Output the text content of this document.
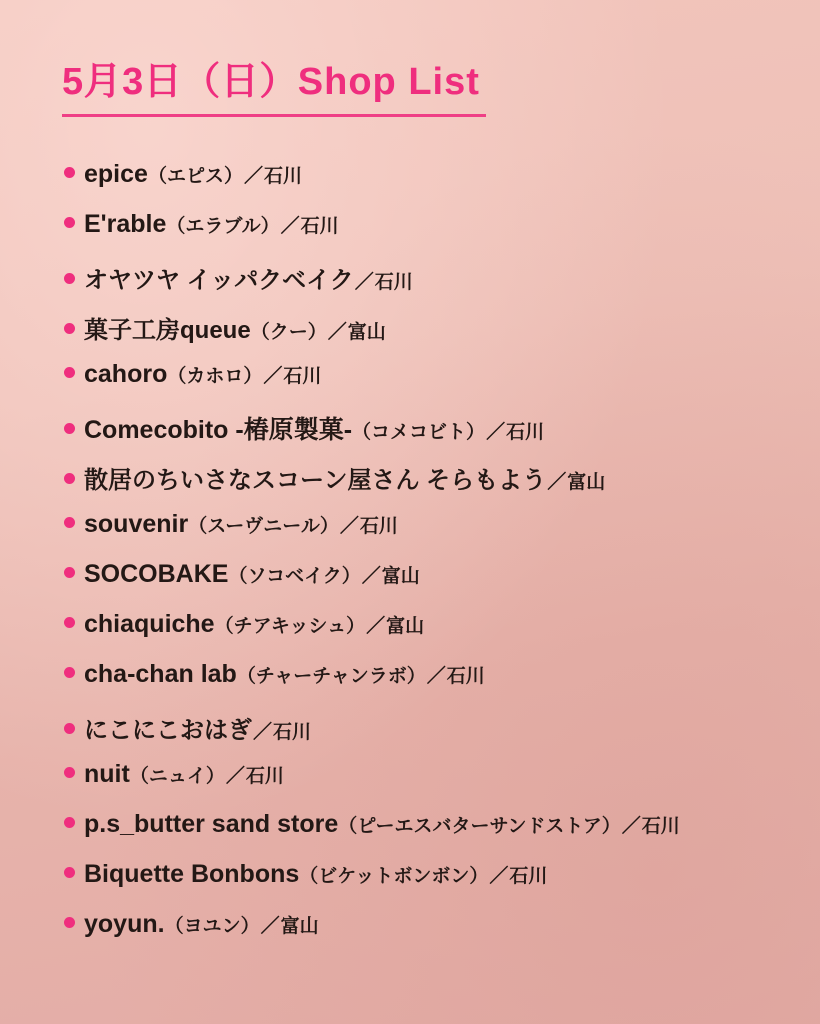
5月3日（日）Shop List
epice （エピス） ／ 石川
E'rable （エラブル） ／ 石川
オヤツヤ イッパクベイク ／ 石川
菓子工房queue （クー） ／ 富山
cahoro （カホロ） ／ 石川
Comecobito -椿原製菓- （コメコビト） ／ 石川
散居のちいさなスコーン屋さん そらもよう ／ 富山
souvenir （スーヴニール） ／ 石川
SOCOBAKE （ソコベイク） ／ 富山
chiaquiche （チアキッシュ） ／ 富山
cha-chan lab （チャーチャンラボ） ／ 石川
にこにこおはぎ ／ 石川
nuit （ニュイ） ／ 石川
p.s_butter sand store （ピーエスバターサンドストア） ／ 石川
Biquette Bonbons （ビケットボンボン） ／ 石川
yoyun. （ヨユン） ／ 富山
